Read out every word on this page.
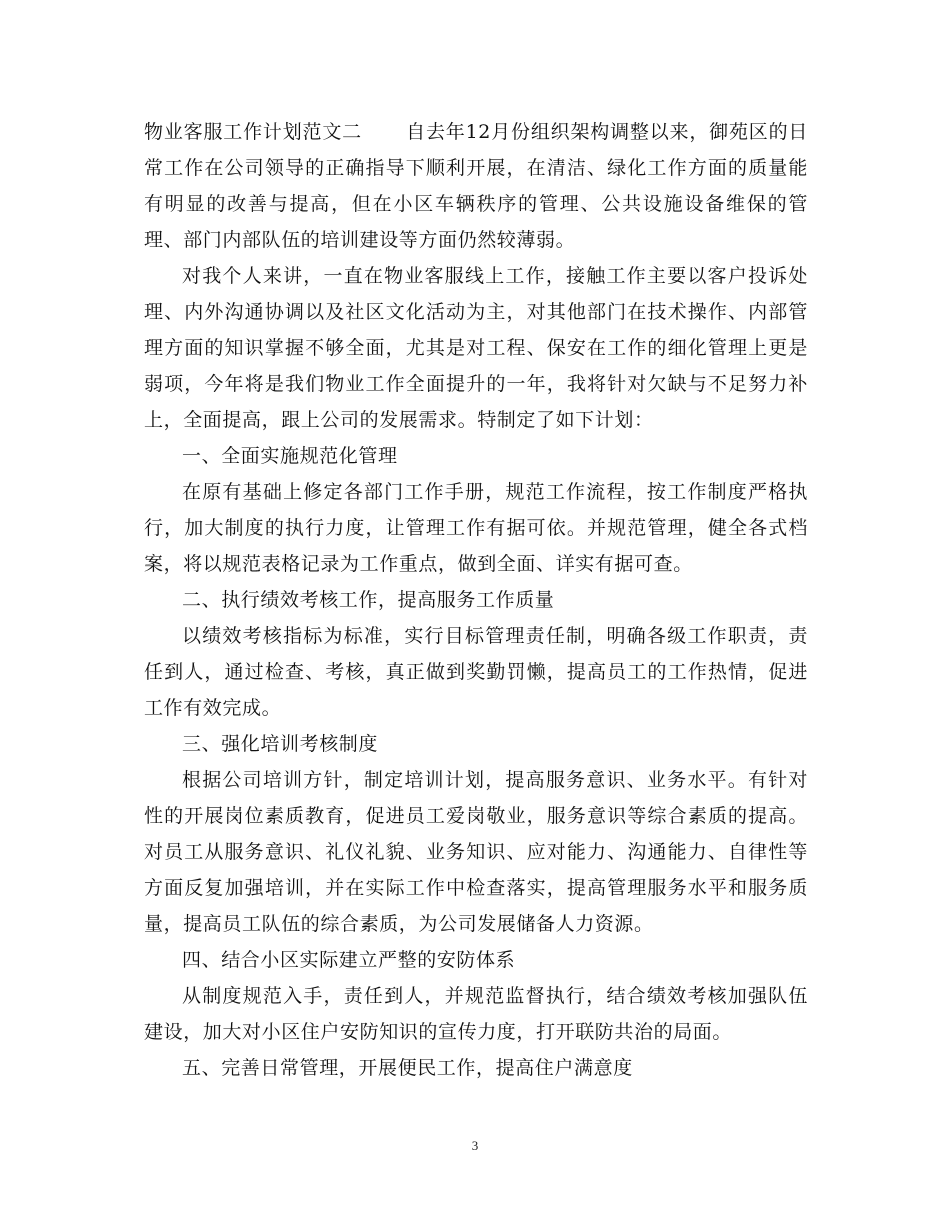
物业客服工作计划范文二 自去年12月份组织架构调整以来，御苑区的日常工作在公司领导的正确指导下顺利开展，在清洁、绿化工作方面的质量能有明显的改善与提高，但在小区车辆秩序的管理、公共设施设备维保的管理、部门内部队伍的培训建设等方面仍然较薄弱。

对我个人来讲，一直在物业客服线上工作，接触工作主要以客户投诉处理、内外沟通协调以及社区文化活动为主，对其他部门在技术操作、内部管理方面的知识掌握不够全面，尤其是对工程、保安在工作的细化管理上更是弱项，今年将是我们物业工作全面提升的一年，我将针对欠缺与不足努力补上，全面提高，跟上公司的发展需求。特制定了如下计划：

一、全面实施规范化管理

在原有基础上修定各部门工作手册，规范工作流程，按工作制度严格执行，加大制度的执行力度，让管理工作有据可依。并规范管理，健全各式档案，将以规范表格记录为工作重点，做到全面、详实有据可查。

二、执行绩效考核工作，提高服务工作质量

以绩效考核指标为标准，实行目标管理责任制，明确各级工作职责，责任到人，通过检查、考核，真正做到奖勤罚懒，提高员工的工作热情，促进工作有效完成。

三、强化培训考核制度

根据公司培训方针，制定培训计划，提高服务意识、业务水平。有针对性的开展岗位素质教育，促进员工爱岗敬业，服务意识等综合素质的提高。对员工从服务意识、礼仪礼貌、业务知识、应对能力、沟通能力、自律性等方面反复加强培训，并在实际工作中检查落实，提高管理服务水平和服务质量，提高员工队伍的综合素质，为公司发展储备人力资源。

四、结合小区实际建立严整的安防体系

从制度规范入手，责任到人，并规范监督执行，结合绩效考核加强队伍建设，加大对小区住户安防知识的宣传力度，打开联防共治的局面。

五、完善日常管理，开展便民工作，提高住户满意度

3
